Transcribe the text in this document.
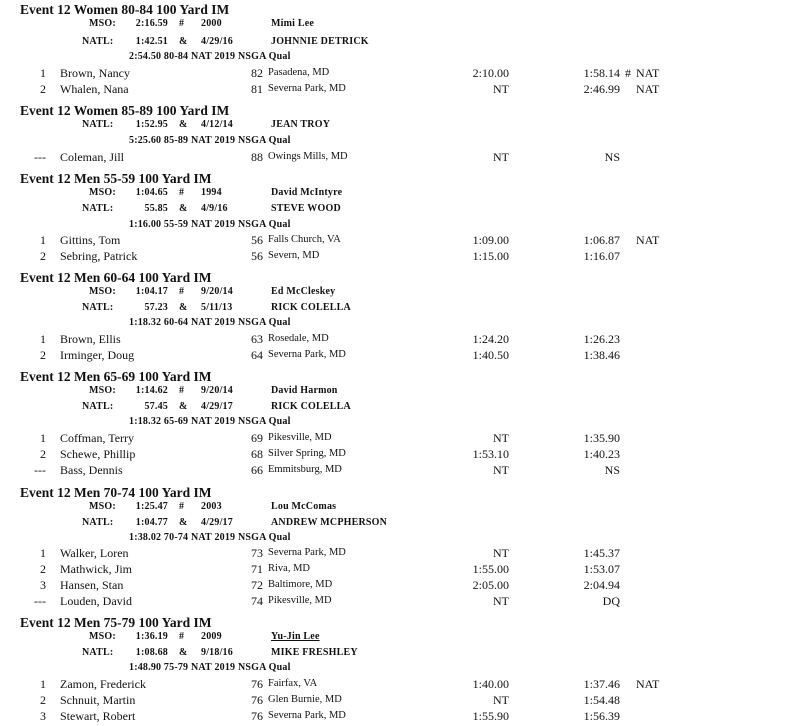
Event 12 Women 80-84 100 Yard IM
MSO:	2:16.59 # 2000	Mimi Lee
NATL:	1:42.51 & 4/29/16	JOHNNIE DETRICK
2:54.50 80-84 NAT 2019 NSGA Qual
1 Brown, Nancy	82 Pasadena, MD	2:10.00	1:58.14 # NAT
2 Whalen, Nana	81 Severna Park, MD	NT	2:46.99 NAT
Event 12 Women 85-89 100 Yard IM
NATL:	1:52.95 & 4/12/14	JEAN TROY
5:25.60 85-89 NAT 2019 NSGA Qual
--- Coleman, Jill	88 Owings Mills, MD	NT	NS
Event 12 Men 55-59 100 Yard IM
MSO:	1:04.65 # 1994	David McIntyre
NATL:	55.85 & 4/9/16	STEVE WOOD
1:16.00 55-59 NAT 2019 NSGA Qual
1 Gittins, Tom	56 Falls Church, VA	1:09.00	1:06.87 NAT
2 Sebring, Patrick	56 Severn, MD	1:15.00	1:16.07
Event 12 Men 60-64 100 Yard IM
MSO:	1:04.17 # 9/20/14	Ed McCleskey
NATL:	57.23 & 5/11/13	RICK COLELLA
1:18.32 60-64 NAT 2019 NSGA Qual
1 Brown, Ellis	63 Rosedale, MD	1:24.20	1:26.23
2 Irminger, Doug	64 Severna Park, MD	1:40.50	1:38.46
Event 12 Men 65-69 100 Yard IM
MSO:	1:14.62 # 9/20/14	David Harmon
NATL:	57.45 & 4/29/17	RICK COLELLA
1:18.32 65-69 NAT 2019 NSGA Qual
1 Coffman, Terry	69 Pikesville, MD	NT	1:35.90
2 Schewe, Phillip	68 Silver Spring, MD	1:53.10	1:40.23
--- Bass, Dennis	66 Emmitsburg, MD	NT	NS
Event 12 Men 70-74 100 Yard IM
MSO:	1:25.47 # 2003	Lou McComas
NATL:	1:04.77 & 4/29/17	ANDREW MCPHERSON
1:38.02 70-74 NAT 2019 NSGA Qual
1 Walker, Loren	73 Severna Park, MD	NT	1:45.37
2 Mathwick, Jim	71 Riva, MD	1:55.00	1:53.07
3 Hansen, Stan	72 Baltimore, MD	2:05.00	2:04.94
--- Louden, David	74 Pikesville, MD	NT	DQ
Event 12 Men 75-79 100 Yard IM
MSO:	1:36.19 # 2009	Yu-Jin Lee
NATL:	1:08.68 & 9/18/16	MIKE FRESHLEY
1:48.90 75-79 NAT 2019 NSGA Qual
1 Zamon, Frederick	76 Fairfax, VA	1:40.00	1:37.46 NAT
2 Schnuit, Martin	76 Glen Burnie, MD	NT	1:54.48
3 Stewart, Robert	76 Severna Park, MD	1:55.90	1:56.39
